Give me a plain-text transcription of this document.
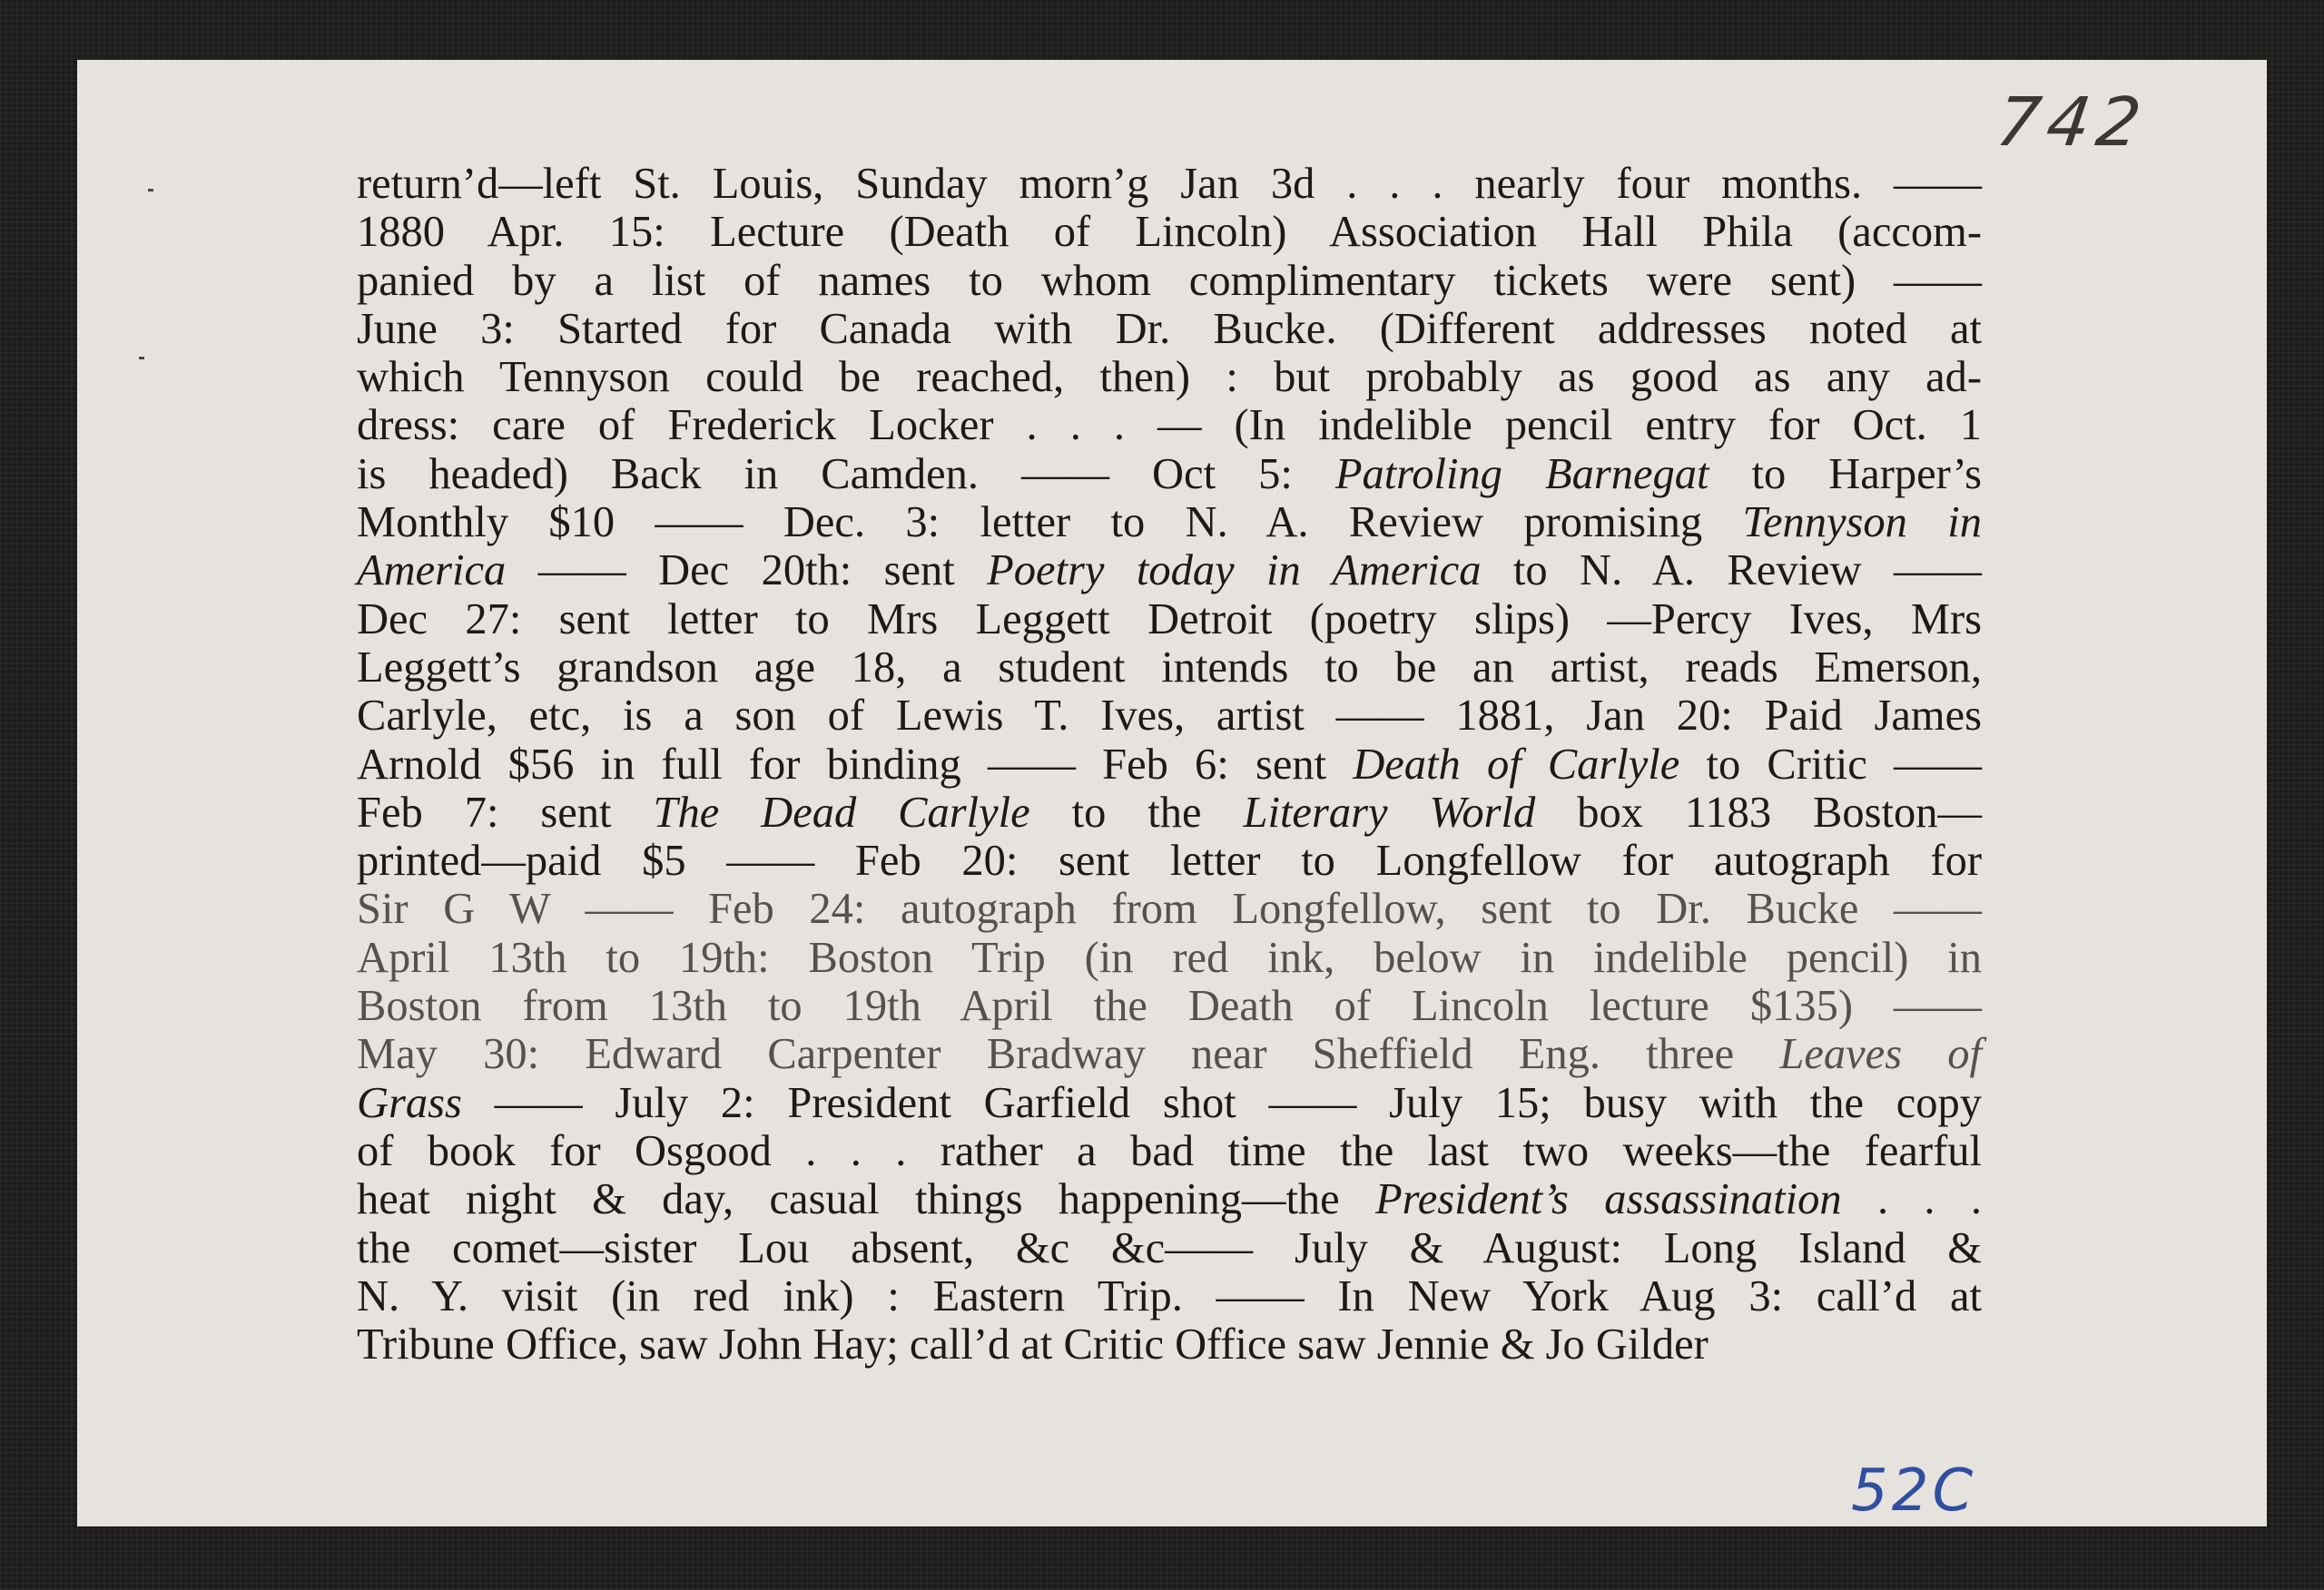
742
return’d—left St. Louis, Sunday morn’g Jan 3d . . . nearly four months. ——
1880 Apr. 15: Lecture (Death of Lincoln) Association Hall Phila (accom-
panied by a list of names to whom complimentary tickets were sent) ——
June 3: Started for Canada with Dr. Bucke. (Different addresses noted at
which Tennyson could be reached, then) : but probably as good as any ad-
dress: care of Frederick Locker . . . — (In indelible pencil entry for Oct. 1
is headed) Back in Camden. —— Oct 5: Patroling Barnegat to Harper’s
Monthly $10 —— Dec. 3: letter to N. A. Review promising Tennyson in
America —— Dec 20th: sent Poetry today in America to N. A. Review ——
Dec 27: sent letter to Mrs Leggett Detroit (poetry slips) —Percy Ives, Mrs
Leggett’s grandson age 18, a student intends to be an artist, reads Emerson,
Carlyle, etc, is a son of Lewis T. Ives, artist —— 1881, Jan 20: Paid James
Arnold $56 in full for binding —— Feb 6: sent Death of Carlyle to Critic ——
Feb 7: sent The Dead Carlyle to the Literary World box 1183 Boston—
printed—paid $5 —— Feb 20: sent letter to Longfellow for autograph for
Sir G W —— Feb 24: autograph from Longfellow, sent to Dr. Bucke ——
April 13th to 19th: Boston Trip (in red ink, below in indelible pencil) in
Boston from 13th to 19th April the Death of Lincoln lecture $135) ——
May 30: Edward Carpenter Bradway near Sheffield Eng. three Leaves of
Grass —— July 2: President Garfield shot —— July 15; busy with the copy
of book for Osgood . . . rather a bad time the last two weeks—the fearful
heat night & day, casual things happening—the President’s assassination . . .
the comet—sister Lou absent, &c &c—— July & August: Long Island &
N. Y. visit (in red ink) : Eastern Trip. —— In New York Aug 3: call’d at
Tribune Office, saw John Hay; call’d at Critic Office saw Jennie & Jo Gilder
52C
